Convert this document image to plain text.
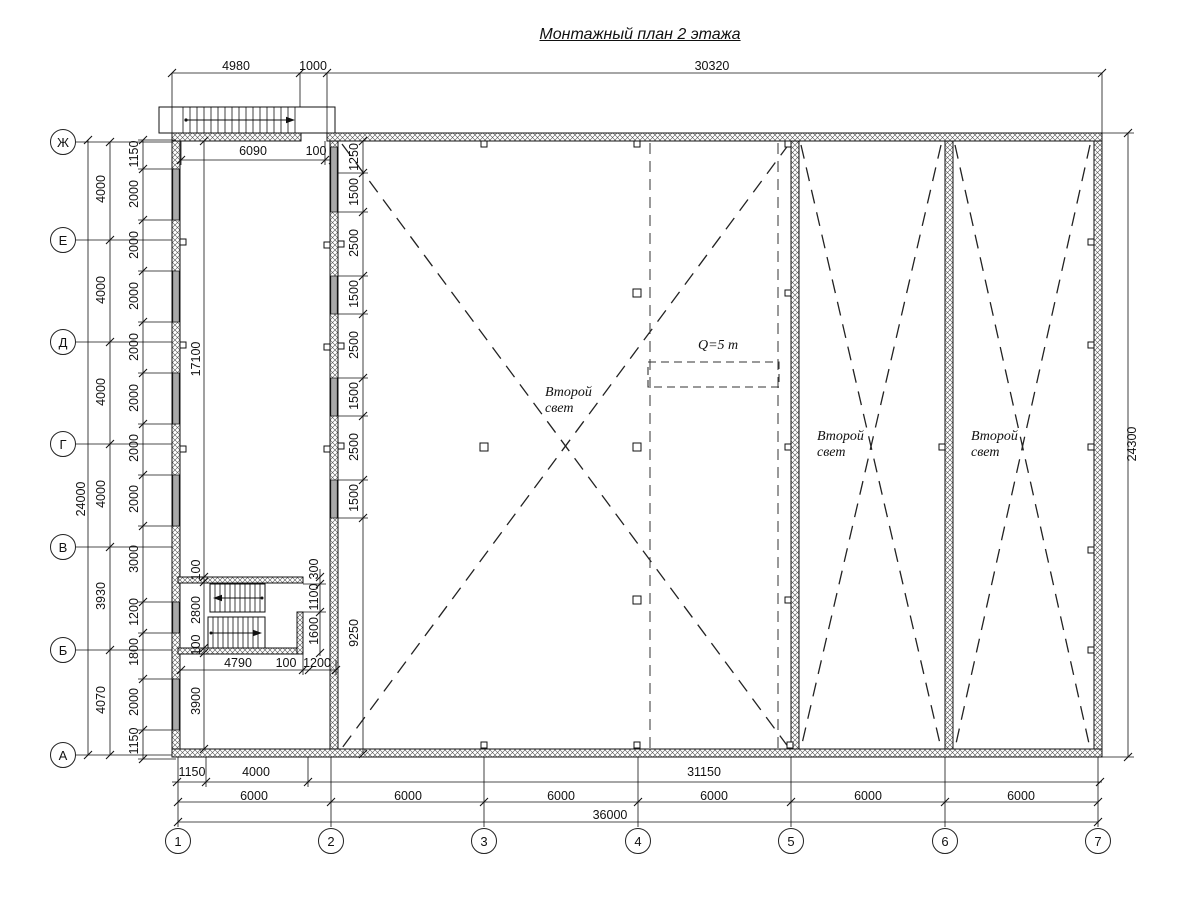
Монтажный план 2 этажа
4980	1000	30320
1150	4000	31150
6000	6000	6000	6000	6000	6000
36000
24300
24000
4000
4000
4000
4000
3930
4070
1150
2000
2000
2000
2000
2000
2000
2000
3000
1200
1800
2000
1150
6090	100
17100
3900
100
2800
100
300
1100
1600
4790	100 1200
1250
1500
2500
1500
2500
1500
2500
1500
9250
Второй
свет
Второй
свет
Второй
свет
Q=5 т
Ж
Е
Д
Г
В
Б
А
1	2	3	4	5	6	7
